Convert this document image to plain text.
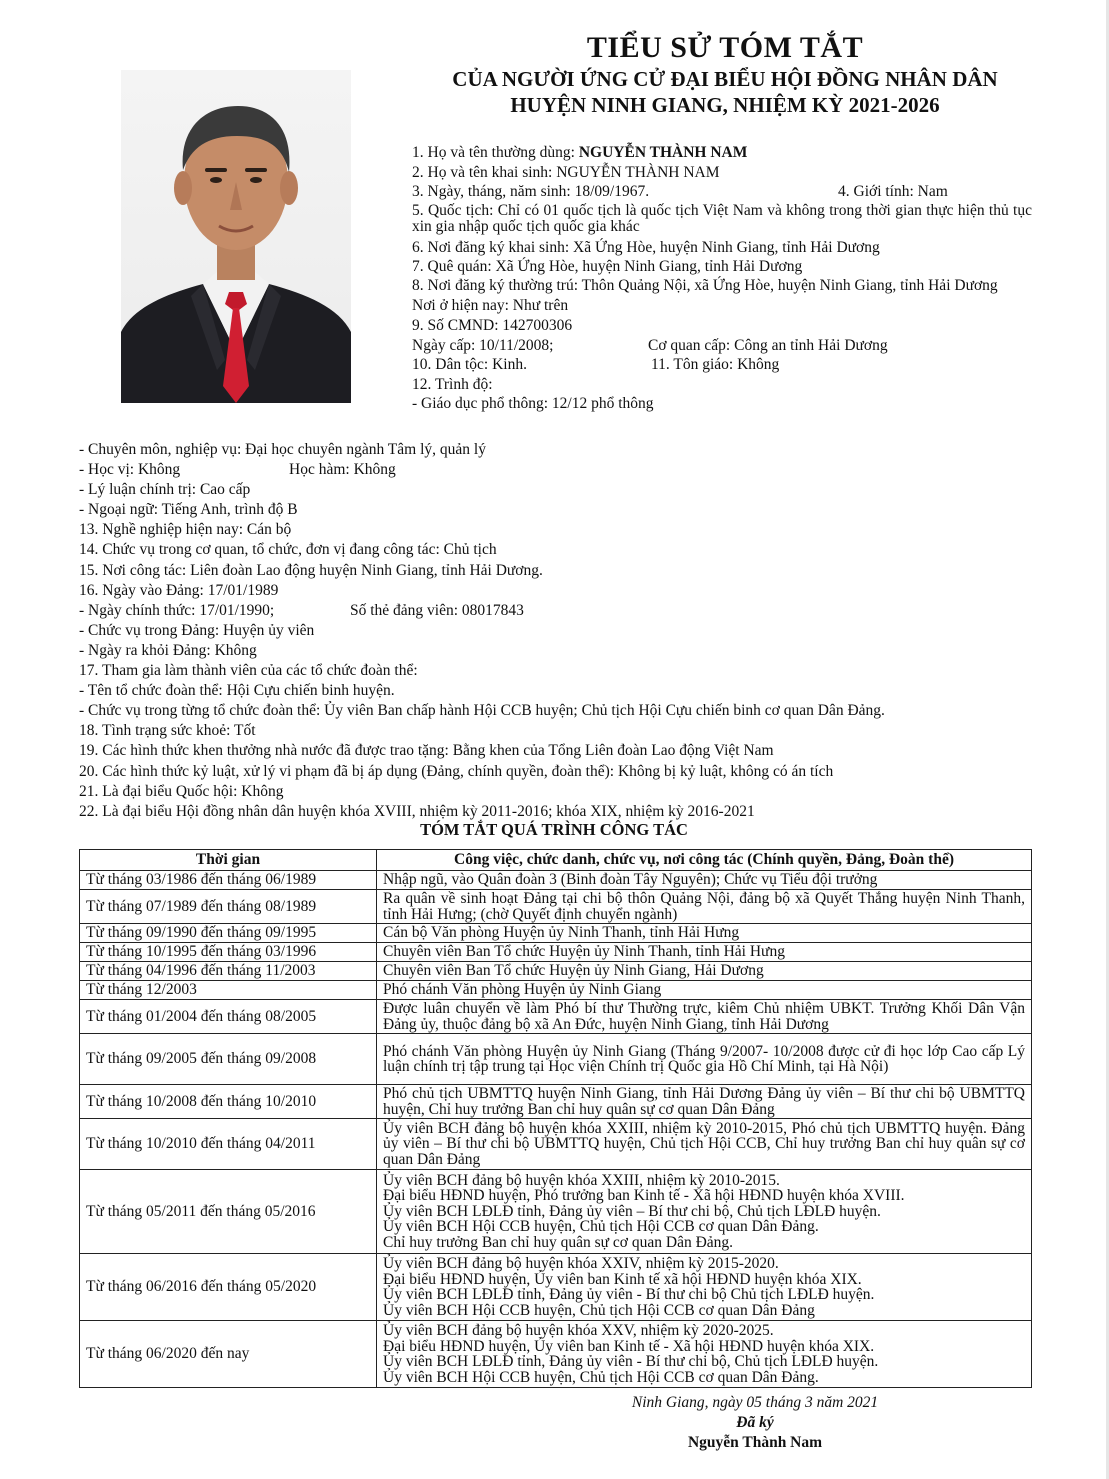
TIỂU SỬ TÓM TẮT
CỦA NGƯỜI ỨNG CỬ ĐẠI BIỂU HỘI ĐỒNG NHÂN DÂN
HUYỆN NINH GIANG, NHIỆM KỲ 2021-2026
1. Họ và tên thường dùng: NGUYỄN THÀNH NAM
2. Họ và tên khai sinh: NGUYỄN THÀNH NAM
3. Ngày, tháng, năm sinh: 18/09/1967.	4. Giới tính: Nam
5. Quốc tịch: Chỉ có 01 quốc tịch là quốc tịch Việt Nam và không trong thời gian thực hiện thủ tục xin gia nhập quốc tịch quốc gia khác
6. Nơi đăng ký khai sinh: Xã Ứng Hòe, huyện Ninh Giang, tỉnh Hải Dương
7. Quê quán: Xã Ứng Hòe, huyện Ninh Giang, tỉnh Hải Dương
8. Nơi đăng ký thường trú: Thôn Quảng Nội, xã Ứng Hòe, huyện Ninh Giang, tỉnh Hải Dương
Nơi ở hiện nay: Như trên
9. Số CMND: 142700306
Ngày cấp: 10/11/2008;	Cơ quan cấp: Công an tỉnh Hải Dương
10. Dân tộc: Kinh.	11. Tôn giáo: Không
12. Trình độ:
- Giáo dục phổ thông: 12/12 phổ thông
- Chuyên môn, nghiệp vụ: Đại học chuyên ngành Tâm lý, quản lý
- Học vị: Không	Học hàm: Không
- Lý luận chính trị: Cao cấp
- Ngoại ngữ: Tiếng Anh, trình độ B
13. Nghề nghiệp hiện nay: Cán bộ
14. Chức vụ trong cơ quan, tổ chức, đơn vị đang công tác: Chủ tịch
15. Nơi công tác: Liên đoàn Lao động huyện Ninh Giang, tỉnh Hải Dương.
16. Ngày vào Đảng: 17/01/1989
- Ngày chính thức: 17/01/1990;	Số thẻ đảng viên: 08017843
- Chức vụ trong Đảng: Huyện ủy viên
- Ngày ra khỏi Đảng: Không
17. Tham gia làm thành viên của các tổ chức đoàn thể:
- Tên tổ chức đoàn thể: Hội Cựu chiến binh huyện.
- Chức vụ trong từng tổ chức đoàn thể: Ủy viên Ban chấp hành Hội CCB huyện; Chủ tịch Hội Cựu chiến binh cơ quan Dân Đảng.
18. Tình trạng sức khoẻ: Tốt
19. Các hình thức khen thưởng nhà nước đã được trao tặng: Bằng khen của Tổng Liên đoàn Lao động Việt Nam
20. Các hình thức kỷ luật, xử lý vi phạm đã bị áp dụng (Đảng, chính quyền, đoàn thể): Không bị kỷ luật, không có án tích
21. Là đại biểu Quốc hội: Không
22. Là đại biểu Hội đồng nhân dân huyện khóa XVIII, nhiệm kỳ 2011-2016; khóa XIX, nhiệm kỳ 2016-2021
TÓM TẮT QUÁ TRÌNH CÔNG TÁC
Thời gian	Công việc, chức danh, chức vụ, nơi công tác (Chính quyền, Đảng, Đoàn thể)
Từ tháng 03/1986 đến tháng 06/1989	Nhập ngũ, vào Quân đoàn 3 (Binh đoàn Tây Nguyên); Chức vụ Tiểu đội trưởng
Từ tháng 07/1989 đến tháng 08/1989	Ra quân về sinh hoạt Đảng tại chi bộ thôn Quảng Nội, đảng bộ xã Quyết Thắng huyện Ninh Thanh, tỉnh Hải Hưng; (chờ Quyết định chuyển ngành)
Từ tháng 09/1990 đến tháng 09/1995	Cán bộ Văn phòng Huyện ủy Ninh Thanh, tỉnh Hải Hưng
Từ tháng 10/1995 đến tháng 03/1996	Chuyên viên Ban Tổ chức Huyện ủy Ninh Thanh, tỉnh Hải Hưng
Từ tháng 04/1996 đến tháng 11/2003	Chuyên viên Ban Tổ chức Huyện ủy Ninh Giang, Hải Dương
Từ tháng 12/2003	Phó chánh Văn phòng Huyện ủy Ninh Giang
Từ tháng 01/2004 đến tháng 08/2005	Được luân chuyển về làm Phó bí thư Thường trực, kiêm Chủ nhiệm UBKT. Trưởng Khối Dân Vận Đảng ủy, thuộc đảng bộ xã An Đức, huyện Ninh Giang, tỉnh Hải Dương
Từ tháng 09/2005 đến tháng 09/2008	Phó chánh Văn phòng Huyện ủy Ninh Giang (Tháng 9/2007- 10/2008 được cử đi học lớp Cao cấp Lý luận chính trị tập trung tại Học viện Chính trị Quốc gia Hồ Chí Minh, tại Hà Nội)
Từ tháng 10/2008 đến tháng 10/2010	Phó chủ tịch UBMTTQ huyện Ninh Giang, tỉnh Hải Dương Đảng ủy viên – Bí thư chi bộ UBMTTQ huyện, Chỉ huy trưởng Ban chỉ huy quân sự cơ quan Dân Đảng
Từ tháng 10/2010 đến tháng 04/2011	Ủy viên BCH đảng bộ huyện khóa XXIII, nhiệm kỳ 2010-2015, Phó chủ tịch UBMTTQ huyện. Đảng ủy viên – Bí thư chi bộ UBMTTQ huyện, Chủ tịch Hội CCB, Chỉ huy trưởng Ban chỉ huy quân sự cơ quan Dân Đảng
Từ tháng 05/2011 đến tháng 05/2016	Ủy viên BCH đảng bộ huyện khóa XXIII, nhiệm kỳ 2010-2015.
Đại biểu HĐND huyện, Phó trưởng ban Kinh tế - Xã hội HĐND huyện khóa XVIII.
Ủy viên BCH LĐLĐ tỉnh, Đảng ủy viên – Bí thư chi bộ, Chủ tịch LĐLĐ huyện.
Ủy viên BCH Hội CCB huyện, Chủ tịch Hội CCB cơ quan Dân Đảng.
Chỉ huy trưởng Ban chỉ huy quân sự cơ quan Dân Đảng.

Từ tháng 06/2016 đến tháng 05/2020	Ủy viên BCH đảng bộ huyện khóa XXIV, nhiệm kỳ 2015-2020.
Đại biểu HĐND huyện, Ủy viên ban Kinh tế xã hội HĐND huyện khóa XIX.
Ủy viên BCH LĐLĐ tỉnh, Đảng ủy viên - Bí thư chi bộ Chủ tịch LĐLĐ huyện.
Ủy viên BCH Hội CCB huyện, Chủ tịch Hội CCB cơ quan Dân Đảng

Từ tháng 06/2020 đến nay	Ủy viên BCH đảng bộ huyện khóa XXV, nhiệm kỳ 2020-2025.
Đại biểu HĐND huyện, Ủy viên ban Kinh tế - Xã hội HĐND huyện khóa XIX.
Ủy viên BCH LĐLĐ tỉnh, Đảng ủy viên - Bí thư chi bộ, Chủ tịch LĐLĐ huyện.
Ủy viên BCH Hội CCB huyện, Chủ tịch Hội CCB cơ quan Dân Đảng.
Ninh Giang, ngày 05 tháng 3 năm 2021
Đã ký
Nguyễn Thành Nam
